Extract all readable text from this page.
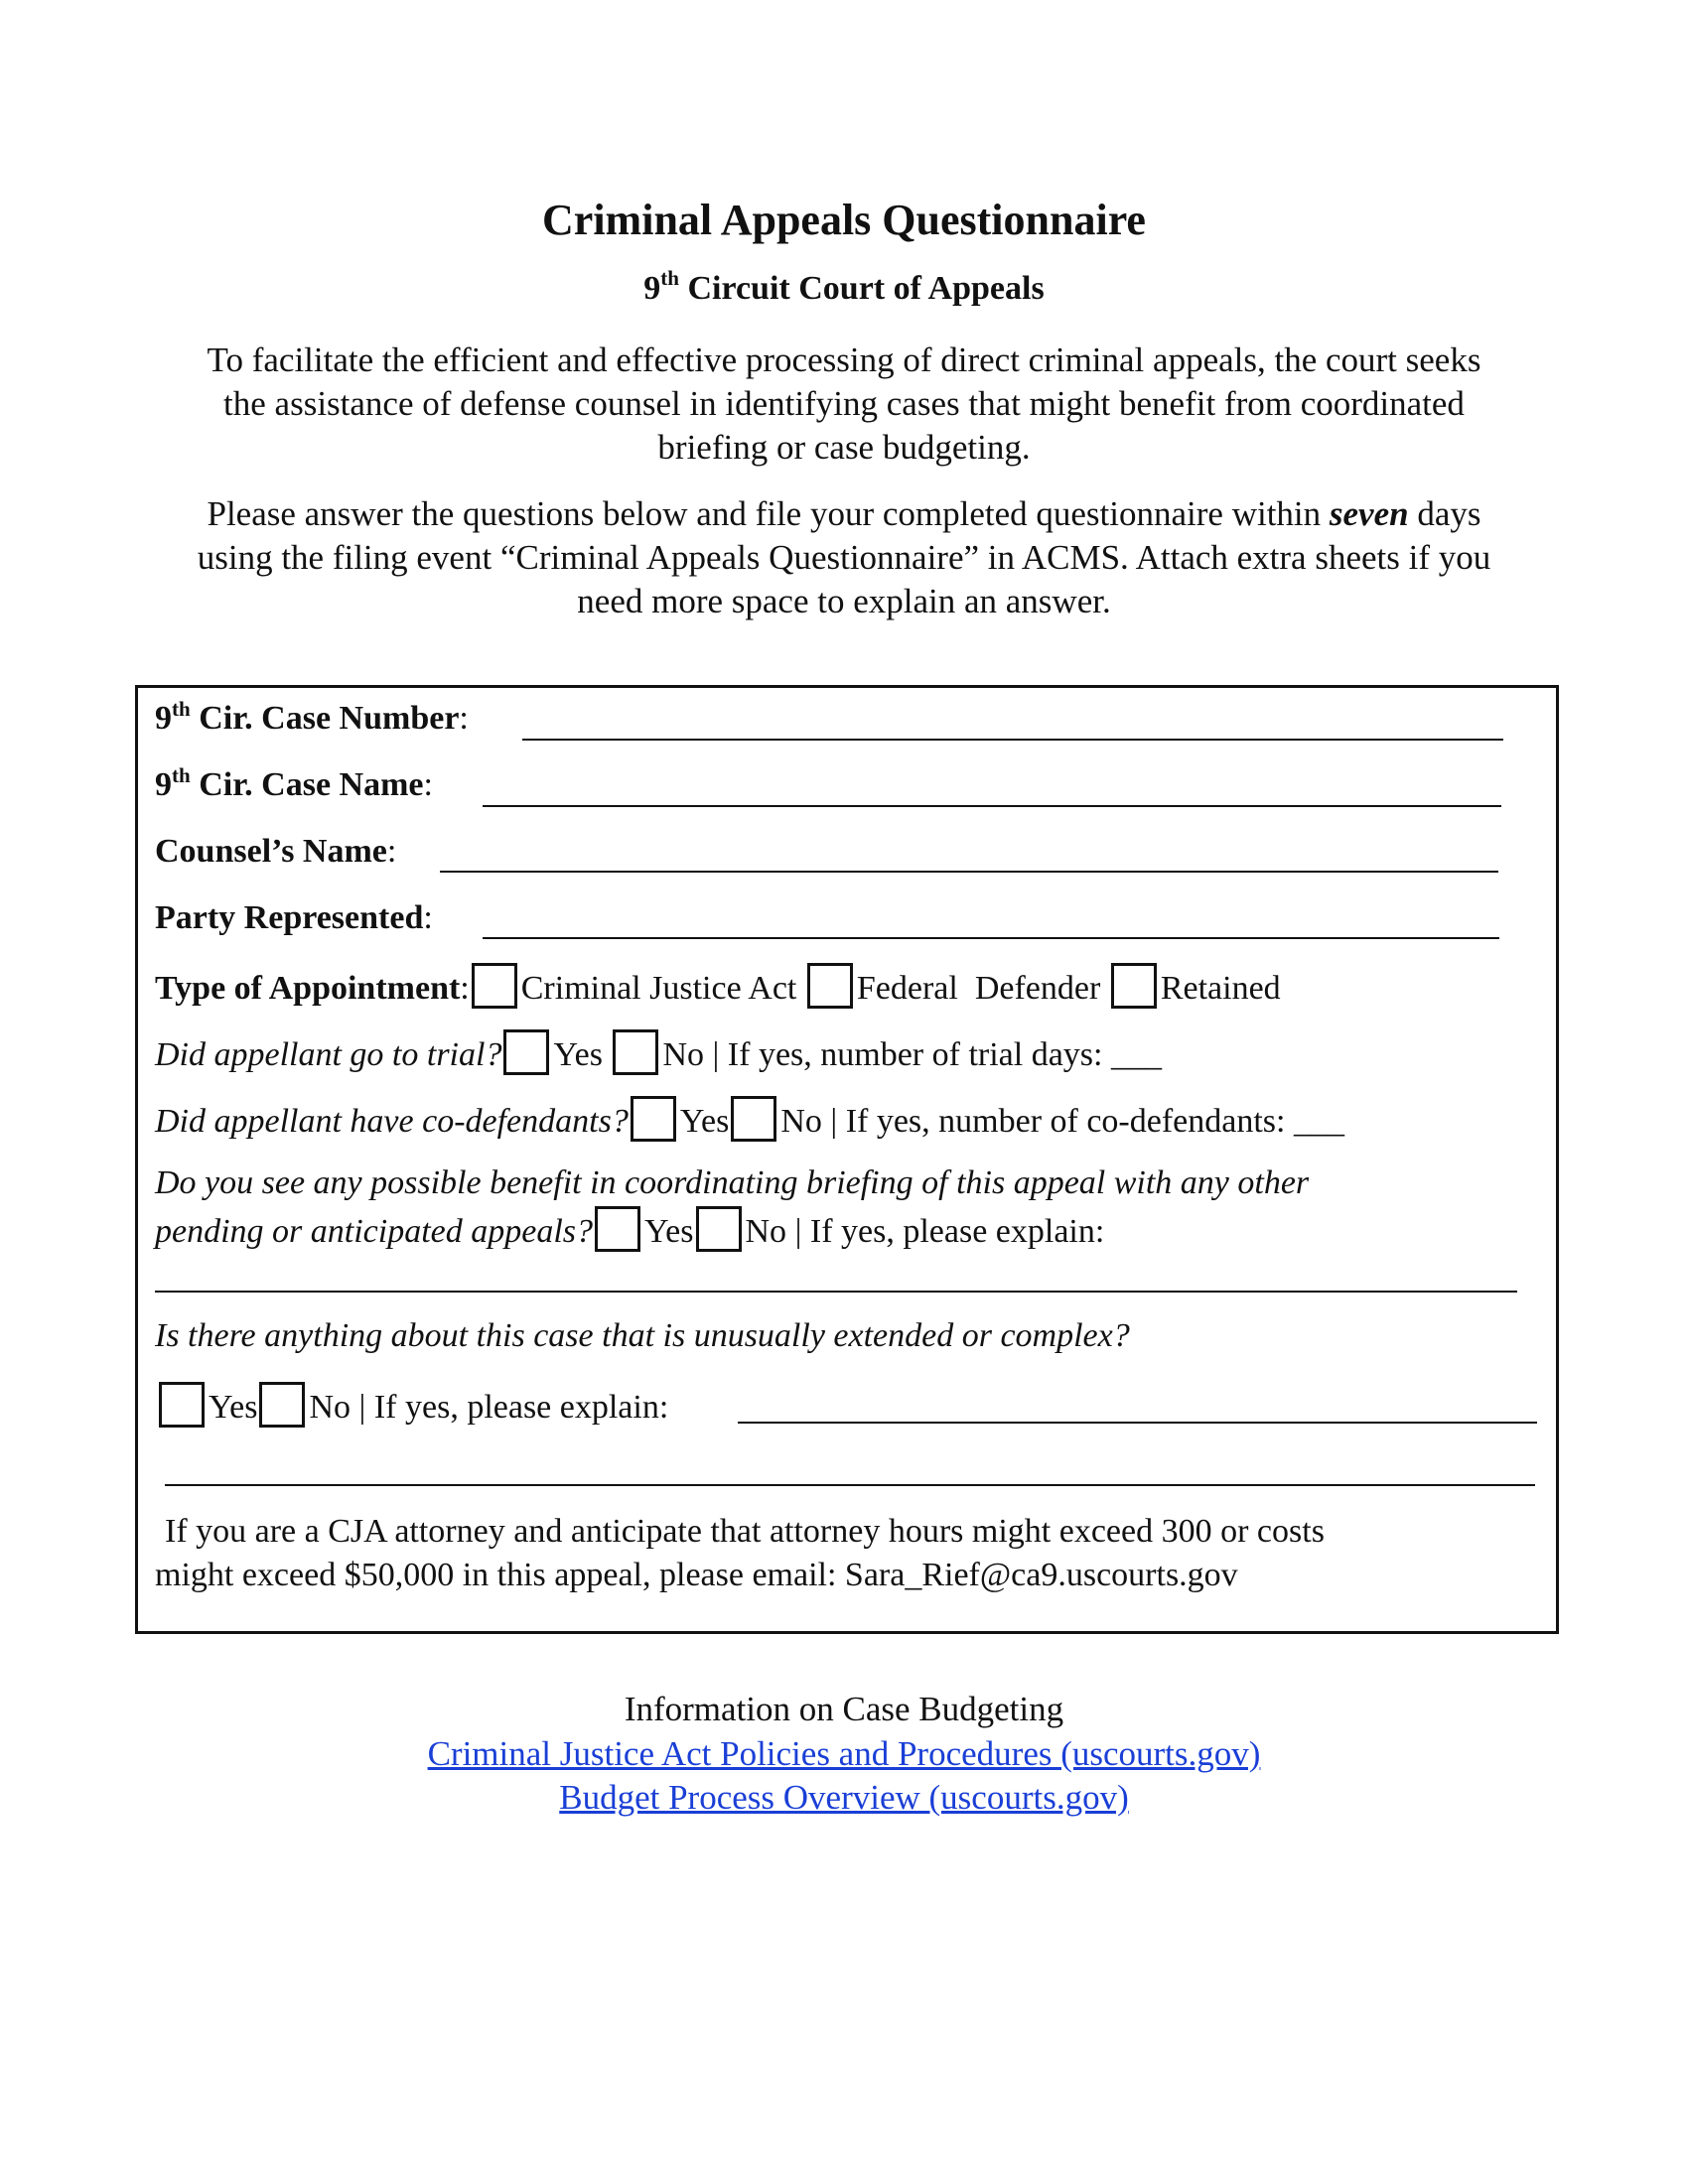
Criminal Appeals Questionnaire
9th Circuit Court of Appeals
To facilitate the efficient and effective processing of direct criminal appeals, the court seeks the assistance of defense counsel in identifying cases that might benefit from coordinated briefing or case budgeting.
Please answer the questions below and file your completed questionnaire within seven days using the filing event “Criminal Appeals Questionnaire” in ACMS. Attach extra sheets if you need more space to explain an answer.
9th Cir. Case Number:
9th Cir. Case Name:
Counsel’s Name:
Party Represented:
Type of Appointment: Criminal Justice Act Federal  Defender Retained
Did appellant go to trial? Yes No | If yes, number of trial days: ___
Did appellant have co-defendants? Yes No | If yes, number of co-defendants: ___
Do you see any possible benefit in coordinating briefing of this appeal with any other
pending or anticipated appeals? Yes No | If yes, please explain:
Is there anything about this case that is unusually extended or complex?
Yes No | If yes, please explain:
If you are a CJA attorney and anticipate that attorney hours might exceed 300 or costs
might exceed $50,000 in this appeal, please email: Sara_Rief@ca9.uscourts.gov
Information on Case Budgeting
Criminal Justice Act Policies and Procedures (uscourts.gov)
Budget Process Overview (uscourts.gov)
